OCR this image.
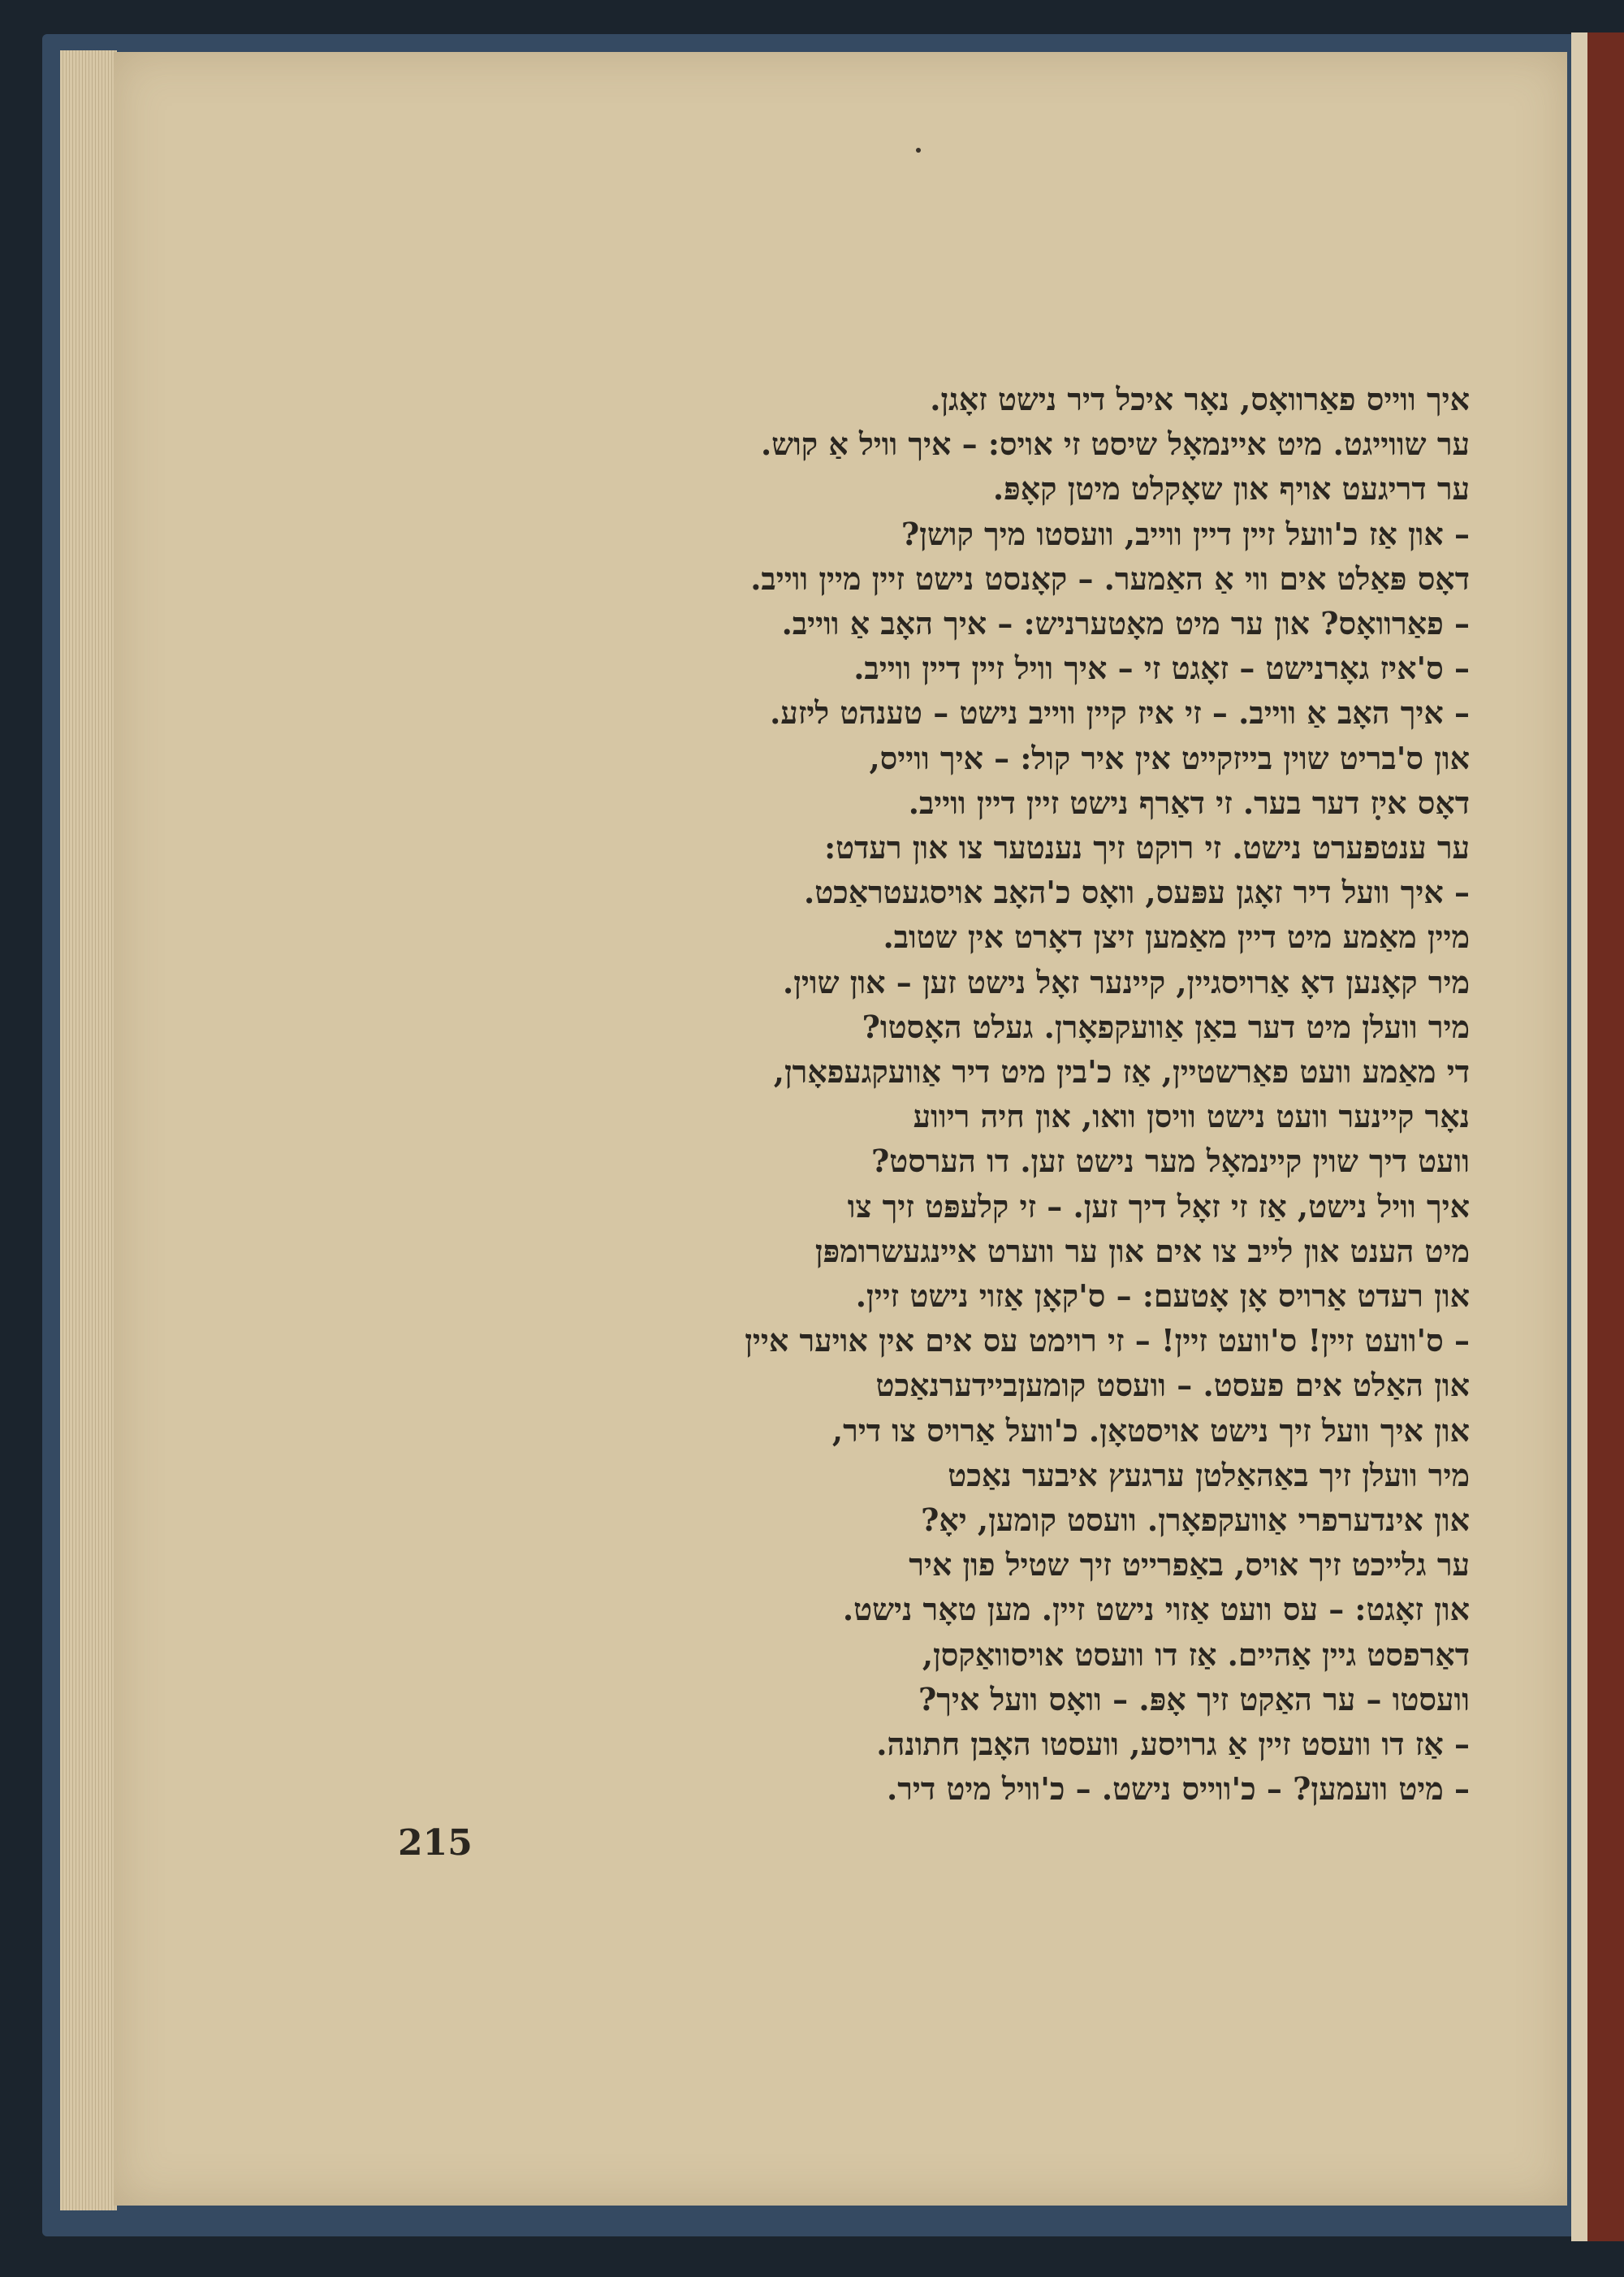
איך ווייס פאַרוואָס, נאָר איכל דיר נישט זאָגן.
ער שווייגט. מיט איינמאָל שיסט זי אויס: – איך וויל אַ קוש.
ער דריגעט אויף און שאָקלט מיטן קאָפּ.
– און אַז כ'וועל זיין דיין ווייב, וועסטו מיך קושן?
דאָס פּאַלט אים ווי אַ האַמער. – קאָנסט נישט זיין מיין ווייב.
– פאַרוואָס? און ער מיט מאָטערניש: – איך האָב אַ ווייב.
– ס'איז גאָרנישט – זאָגט זי – איך וויל זיין דיין ווייב.
– איך האָב אַ ווייב. – זי איז קיין ווייב נישט – טענהט ליזע.
און ס'בריט שוין בייזקייט אין איר קול: – איך ווייס,
דאָס איז דער בער. זי דאַרף נישט זיין דיין ווייב.
ער ענטפערט נישט. זי רוקט זיך נענטער צו און רעדט:
– איך וועל דיר זאָגן עפּעס, וואָס כ'האָב אויסגעטראַכט.
מיין מאַמע מיט דיין מאַמען זיצן דאָרט אין שטוב.
מיר קאָנען דאָ אַרויסגיין, קיינער זאָל נישט זען – און שוין.
מיר וועלן מיט דער באַן אַוועקפאָרן. געלט האָסטו?
די מאַמע וועט פאַרשטיין, אַז כ'בין מיט דיר אַוועקגעפאָרן,
נאָר קיינער וועט נישט וויסן וואו, און חיה ריווע
וועט דיך שוין קיינמאָל מער נישט זען. דו הערסט?
איך וויל נישט, אַז זי זאָל דיך זען. – זי קלעפּט זיך צו
מיט הענט און לייב צו אים און ער ווערט איינגעשרומפּן
און רעדט אַרויס אָן אָטעם: – ס'קאָן אַזוי נישט זיין.
– ס'וועט זיין! ס'וועט זיין! – זי רוימט עס אים אין אויער איין
און האַלט אים פעסט. – וועסט קומעןביידערנאַכט
און איך וועל זיך נישט אויסטאָן. כ'וועל אַרויס צו דיר,
מיר וועלן זיך באַהאַלטן ערגעץ איבער נאַכט
און אינדערפרי אַוועקפאָרן. וועסט קומען, יאָ?
ער גלייכט זיך אויס, באַפרייט זיך שטיל פון איר
און זאָגט: – עס וועט אַזוי נישט זיין. מען טאָר נישט.
דאַרפסט גיין אַהיים. אַז דו וועסט אויסוואַקסן,
וועסטו – ער האַקט זיך אָפּ. – וואָס וועל איך?
– אַז דו וועסט זיין אַ גרויסע, וועסטו האָבן חתונה.
– מיט וועמען? – כ'ווייס נישט. – כ'וויל מיט דיר.
215
